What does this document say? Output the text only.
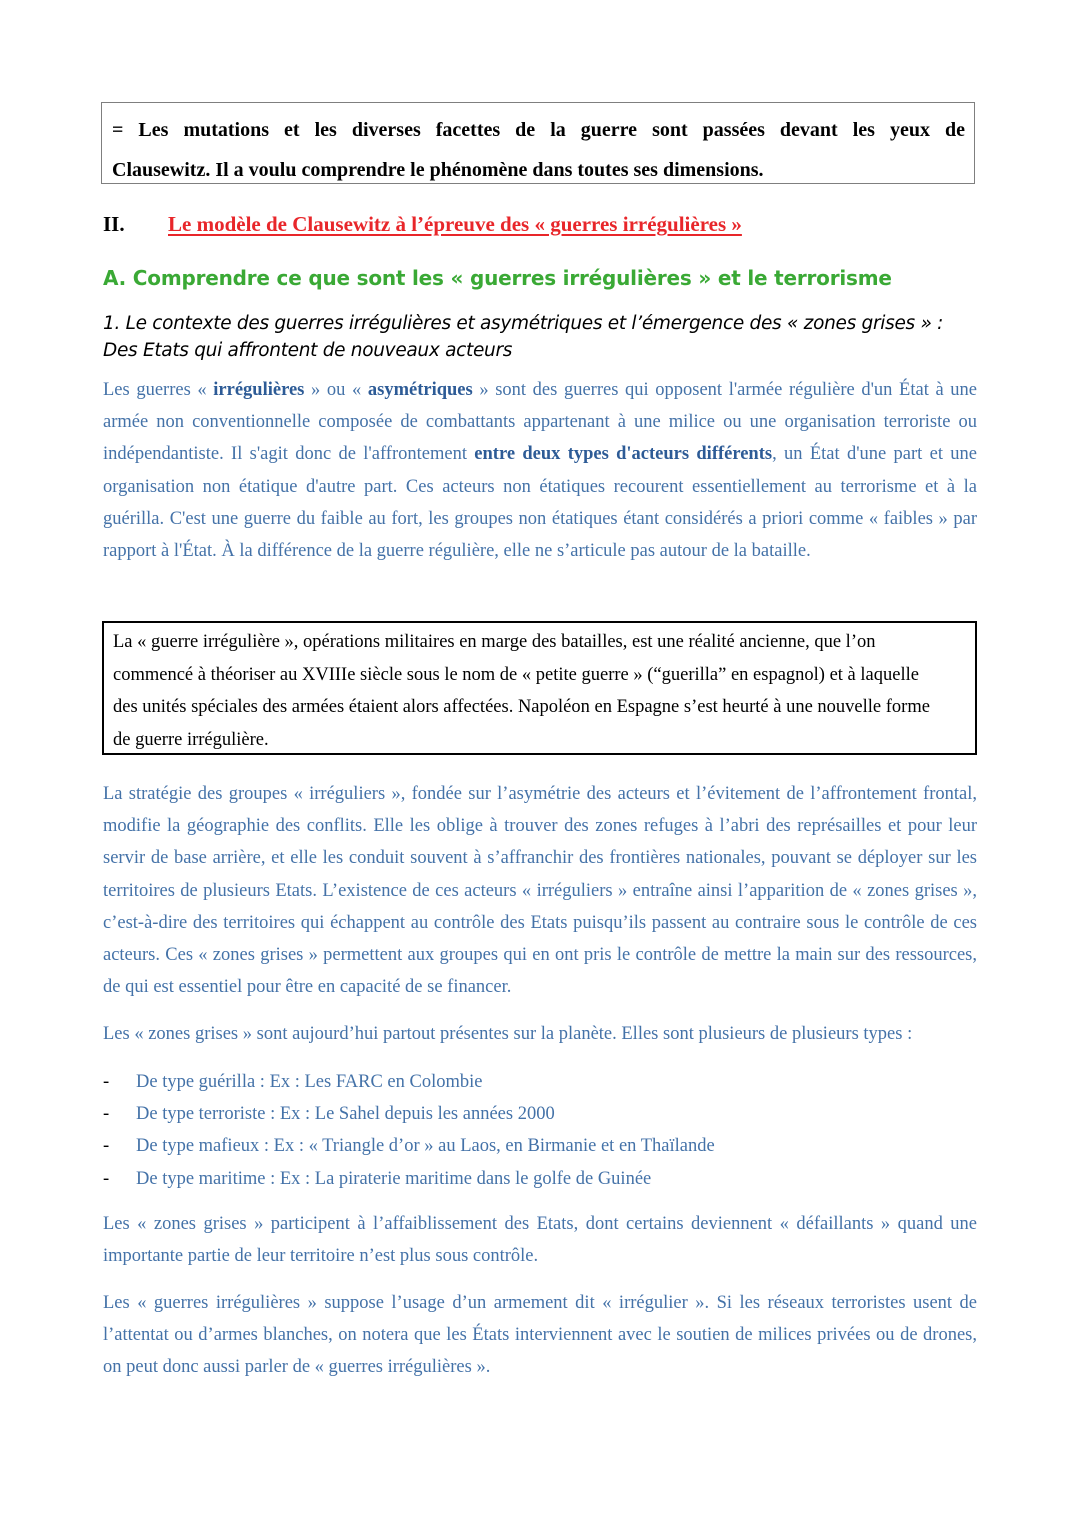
= Les mutations et les diverses facettes de la guerre sont passées devant les yeux de

Clausewitz. Il a voulu comprendre le phénomène dans toutes ses dimensions.

II. Le modèle de Clausewitz à l’épreuve des « guerres irrégulières »
A. Comprendre ce que sont les « guerres irrégulières » et le terrorisme
1. Le contexte des guerres irrégulières et asymétriques et l’émergence des « zones grises » : Des Etats qui affrontent de nouveaux acteurs

Les guerres « irrégulières » ou « asymétriques » sont des guerres qui opposent l'armée régulière d'un État à une armée non conventionnelle composée de combattants appartenant à une milice ou une organisation terroriste ou indépendantiste. Il s'agit donc de l'affrontement entre deux types d'acteurs différents, un État d'une part et une organisation non étatique d'autre part. Ces acteurs non étatiques recourent essentiellement au terrorisme et à la guérilla. C'est une guerre du faible au fort, les groupes non étatiques étant considérés a priori comme « faibles » par rapport à l'État. À la différence de la guerre régulière, elle ne s’articule pas autour de la bataille.

La « guerre irrégulière », opérations militaires en marge des batailles, est une réalité ancienne, que l’on
commencé à théoriser au XVIIIe siècle sous le nom de « petite guerre » (“guerilla” en espagnol) et à laquelle
des unités spéciales des armées étaient alors affectées. Napoléon en Espagne s’est heurté à une nouvelle forme
de guerre irrégulière.

La stratégie des groupes « irréguliers », fondée sur l’asymétrie des acteurs et l’évitement de l’affrontement frontal, modifie la géographie des conflits. Elle les oblige à trouver des zones refuges à l’abri des représailles et pour leur servir de base arrière, et elle les conduit souvent à s’affranchir des frontières nationales, pouvant se déployer sur les territoires de plusieurs Etats. L’existence de ces acteurs « irréguliers » entraîne ainsi l’apparition de « zones grises », c’est-à-dire des territoires qui échappent au contrôle des Etats puisqu’ils passent au contraire sous le contrôle de ces acteurs. Ces « zones grises » permettent aux groupes qui en ont pris le contrôle de mettre la main sur des ressources, de qui est essentiel pour être en capacité de se financer.

Les « zones grises » sont aujourd’hui partout présentes sur la planète. Elles sont plusieurs de plusieurs types :

- De type guérilla : Ex : Les FARC en Colombie
- De type terroriste : Ex : Le Sahel depuis les années 2000
- De type mafieux : Ex : « Triangle d’or » au Laos, en Birmanie et en Thaïlande
- De type maritime : Ex : La piraterie maritime dans le golfe de Guinée

Les « zones grises » participent à l’affaiblissement des Etats, dont certains deviennent « défaillants » quand une importante partie de leur territoire n’est plus sous contrôle.

Les « guerres irrégulières » suppose l’usage d’un armement dit « irrégulier ». Si les réseaux terroristes usent de l’attentat ou d’armes blanches, on notera que les États interviennent avec le soutien de milices privées ou de drones, on peut donc aussi parler de « guerres irrégulières ».
